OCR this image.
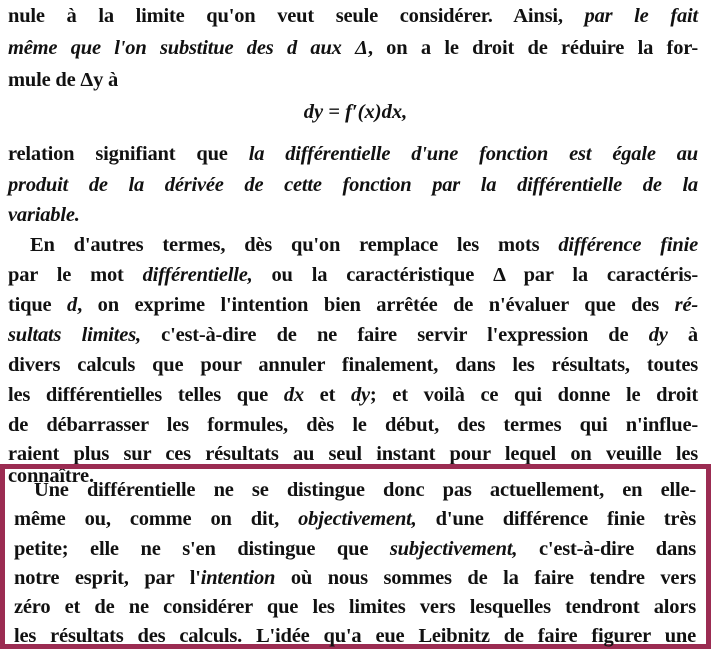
nule à la limite qu'on veut seule considérer. Ainsi, par le fait
même que l'on substitue des d aux Δ, on a le droit de réduire la for-
mule de Δy à
dy = f′(x)dx,
relation signifiant que la différentielle d'une fonction est égale au
produit de la dérivée de cette fonction par la différentielle de la
variable.
En d'autres termes, dès qu'on remplace les mots différence finie
par le mot différentielle, ou la caractéristique Δ par la caractéris-
tique d, on exprime l'intention bien arrêtée de n'évaluer que des ré-
sultats limites, c'est-à-dire de ne faire servir l'expression de dy à
divers calculs que pour annuler finalement, dans les résultats, toutes
les différentielles telles que dx et dy; et voilà ce qui donne le droit
de débarrasser les formules, dès le début, des termes qui n'influe-
raient plus sur ces résultats au seul instant pour lequel on veuille les
connaître.
Une différentielle ne se distingue donc pas actuellement, en elle-
même ou, comme on dit, objectivement, d'une différence finie très
petite; elle ne s'en distingue que subjectivement, c'est-à-dire dans
notre esprit, par l'intention où nous sommes de la faire tendre vers
zéro et de ne considérer que les limites vers lesquelles tendront alors
les résultats des calculs. L'idée qu'a eue Leibnitz de faire figurer une
